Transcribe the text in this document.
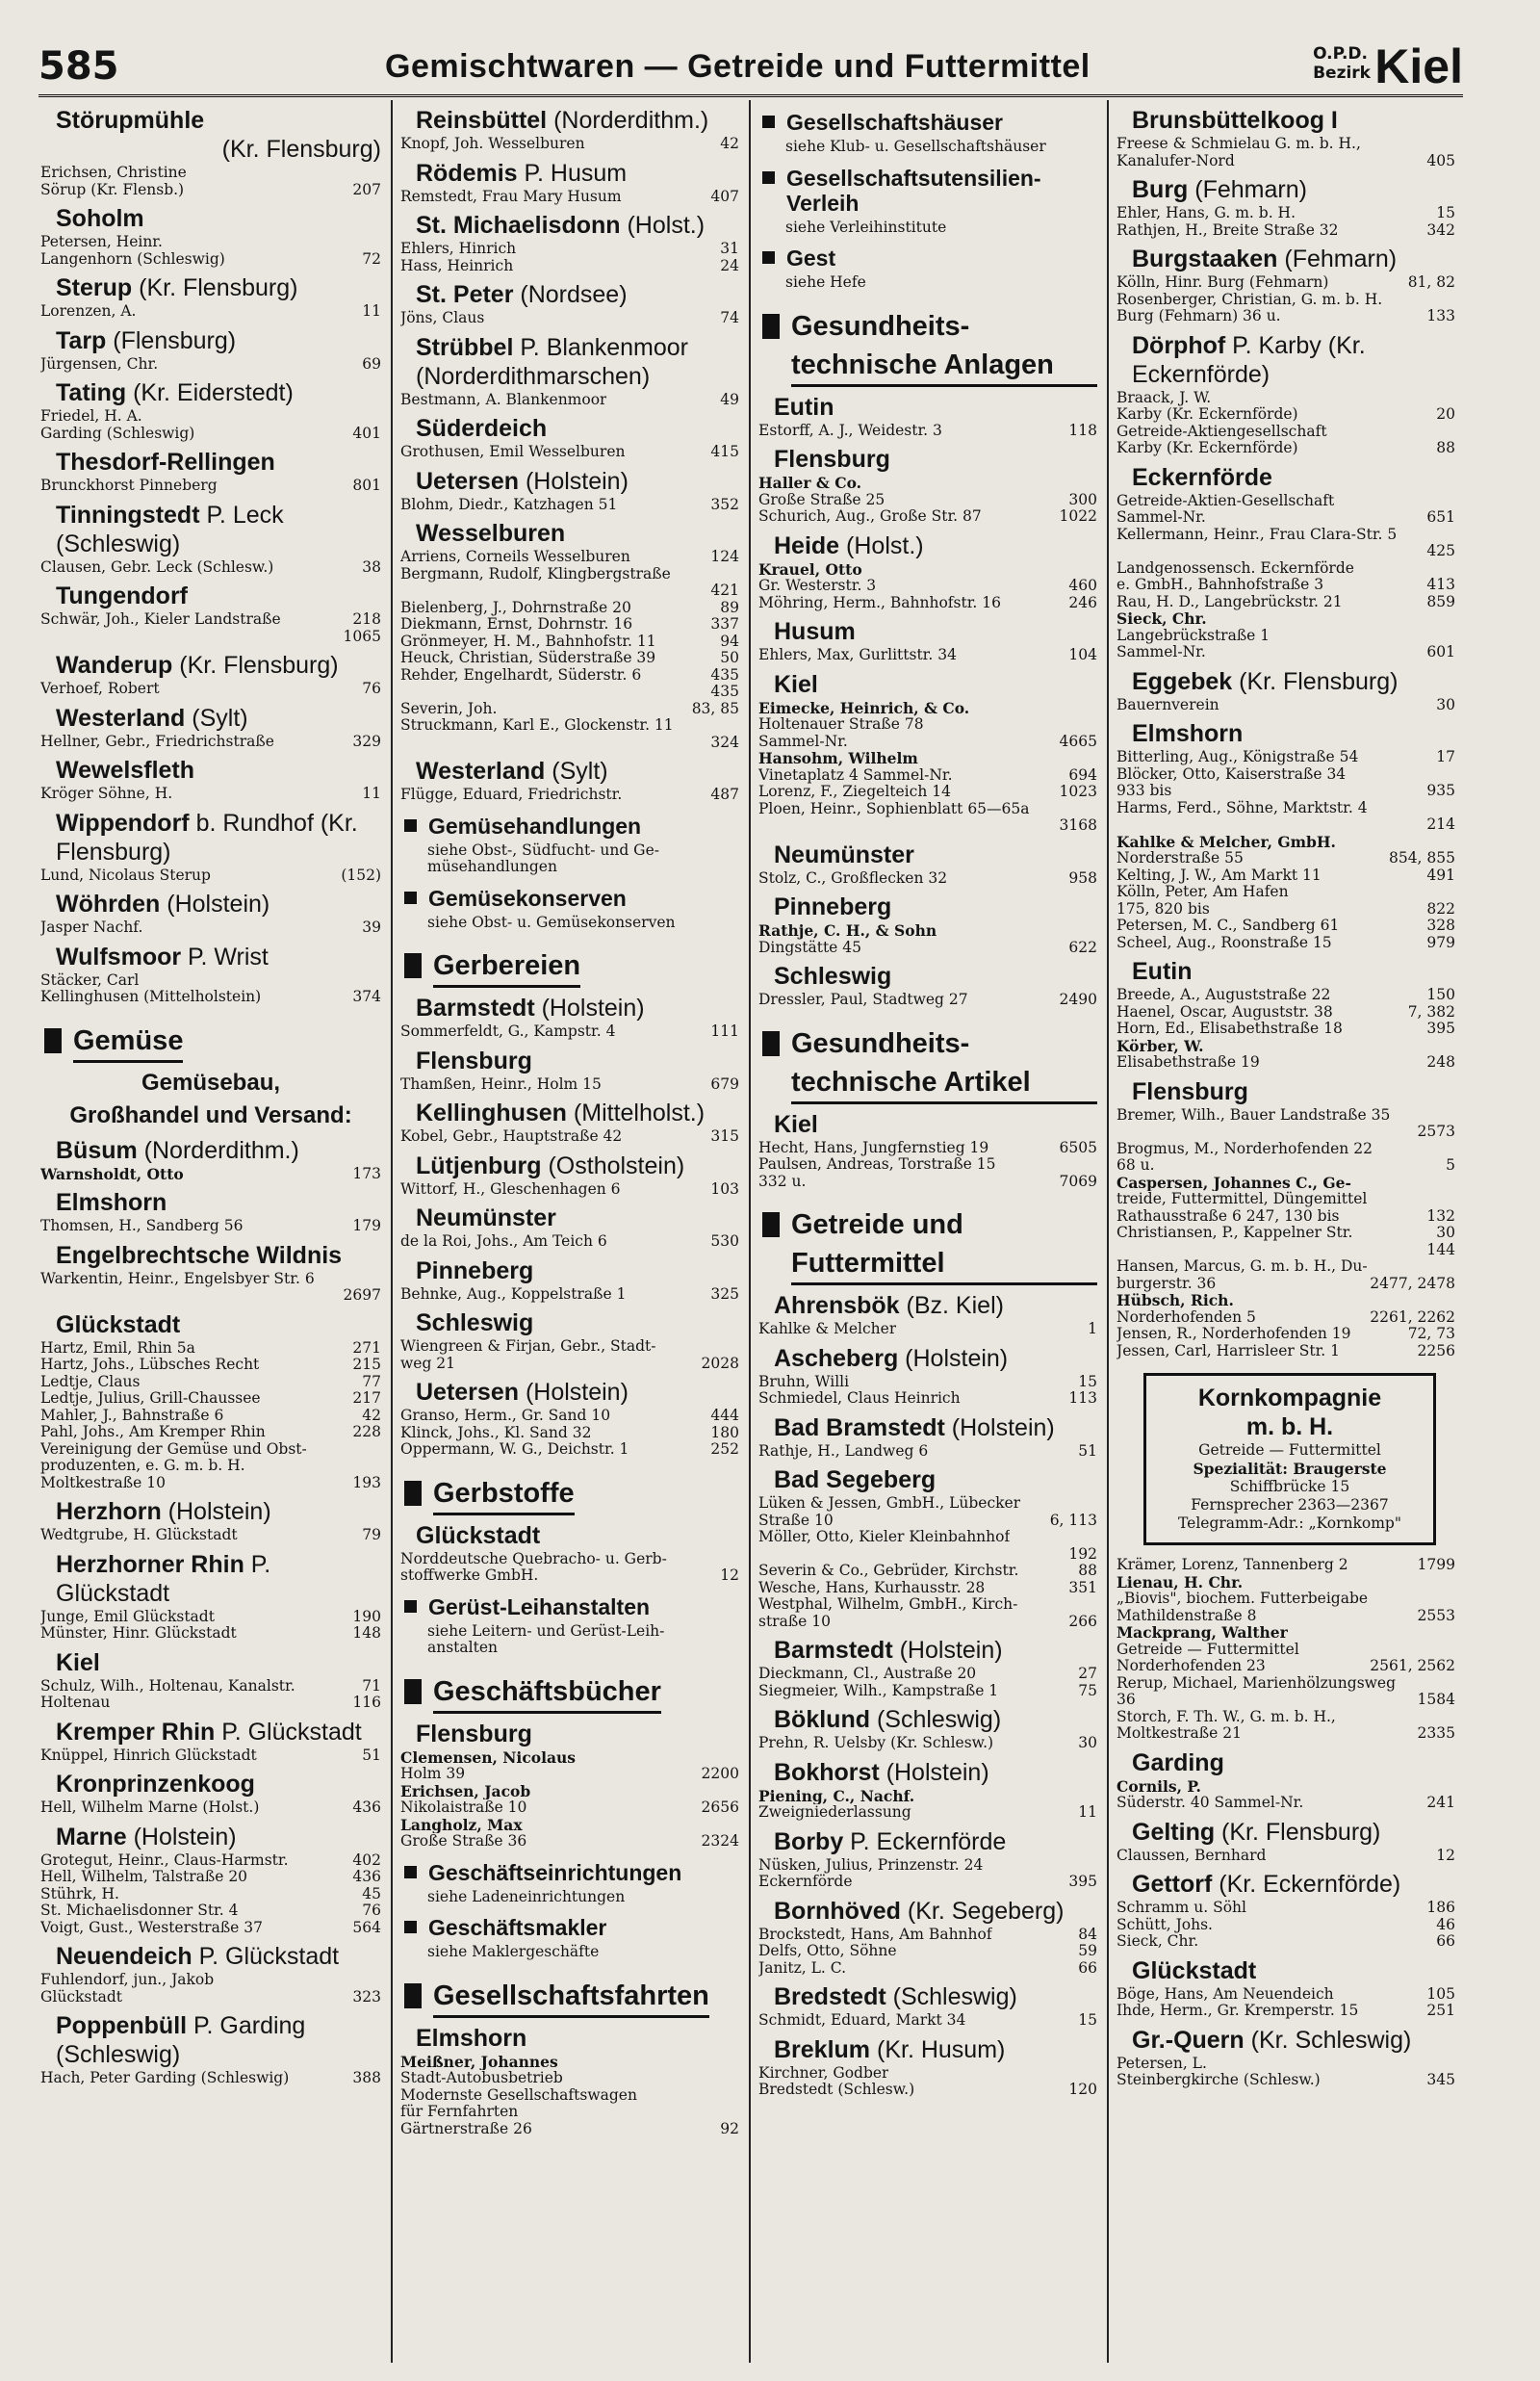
585	Gemischtwaren — Getreide und Futtermittel	O.P.D.
Bezirk Kiel
Störupmühle
(Kr. Flensburg)
Erichsen, Christine
Sörup (Kr. Flensb.)	207
Soholm
Petersen, Heinr.
Langenhorn (Schleswig)	72
Sterup (Kr. Flensburg)
Lorenzen, A.	11
Tarp (Flensburg)
Jürgensen, Chr.	69
Tating (Kr. Eiderstedt)
Friedel, H. A.
Garding (Schleswig)	401
Thesdorf-Rellingen
Brunckhorst Pinneberg	801
Tinningstedt P. Leck (Schleswig)
Clausen, Gebr. Leck (Schlesw.)	38
Tungendorf
Schwär, Joh., Kieler Landstraße	218
1065
Wanderup (Kr. Flensburg)
Verhoef, Robert	76
Westerland (Sylt)
Hellner, Gebr., Friedrichstraße	329
Wewelsfleth
Kröger Söhne, H.	11
Wippendorf b. Rundhof (Kr. Flensburg)
Lund, Nicolaus Sterup	(152)
Wöhrden (Holstein)
Jasper Nachf.	39
Wulfsmoor P. Wrist
Stäcker, Carl
Kellinghusen (Mittelholstein)	374
Gemüse
Gemüsebau,
Großhandel und Versand:
Büsum (Norderdithm.)
Warnsholdt, Otto	173
Elmshorn
Thomsen, H., Sandberg 56	179
Engelbrechtsche Wildnis
Warkentin, Heinr., Engelsbyer Str. 6
2697
Glückstadt
Hartz, Emil, Rhin 5a	271
Hartz, Johs., Lübsches Recht	215
Ledtje, Claus	77
Ledtje, Julius, Grill-Chaussee	217
Mahler, J., Bahnstraße 6	42
Pahl, Johs., Am Kremper Rhin	228
Vereinigung der Gemüse und Obst-
produzenten, e. G. m. b. H.
Moltkestraße 10	193
Herzhorn (Holstein)
Wedtgrube, H. Glückstadt	79
Herzhorner Rhin P. Glückstadt
Junge, Emil Glückstadt	190
Münster, Hinr. Glückstadt	148
Kiel
Schulz, Wilh., Holtenau, Kanalstr.	71
Holtenau	116
Kremper Rhin P. Glückstadt
Knüppel, Hinrich Glückstadt	51
Kronprinzenkoog
Hell, Wilhelm Marne (Holst.)	436
Marne (Holstein)
Grotegut, Heinr., Claus-Harmstr.	402
Hell, Wilhelm, Talstraße 20	436
Stührk, H.	45
St. Michaelisdonner Str. 4	76
Voigt, Gust., Westerstraße 37	564
Neuendeich P. Glückstadt
Fuhlendorf, jun., Jakob
Glückstadt	323
Poppenbüll P. Garding (Schleswig)
Hach, Peter Garding (Schleswig)	388
Reinsbüttel (Norderdithm.)
Knopf, Joh. Wesselburen	42
Rödemis P. Husum
Remstedt, Frau Mary Husum	407
St. Michaelisdonn (Holst.)
Ehlers, Hinrich	31
Hass, Heinrich	24
St. Peter (Nordsee)
Jöns, Claus	74
Strübbel P. Blankenmoor (Norderdithmarschen)
Bestmann, A. Blankenmoor	49
Süderdeich
Grothusen, Emil Wesselburen	415
Uetersen (Holstein)
Blohm, Diedr., Katzhagen 51	352
Wesselburen
Arriens, Corneils Wesselburen	124
Bergmann, Rudolf, Klingbergstraße
421
Bielenberg, J., Dohrnstraße 20	89
Diekmann, Ernst, Dohrnstr. 16	337
Grönmeyer, H. M., Bahnhofstr. 11	94
Heuck, Christian, Süderstraße 39	50
Rehder, Engelhardt, Süderstr. 6	435
435
Severin, Joh.	83, 85
Struckmann, Karl E., Glockenstr. 11
324
Westerland (Sylt)
Flügge, Eduard, Friedrichstr.	487
Gemüsehandlungen
siehe Obst-, Südfucht- und Ge-
müsehandlungen
Gemüsekonserven
siehe Obst- u. Gemüsekonserven
Gerbereien
Barmstedt (Holstein)
Sommerfeldt, G., Kampstr. 4	111
Flensburg
Thamßen, Heinr., Holm 15	679
Kellinghusen (Mittelholst.)
Kobel, Gebr., Hauptstraße 42	315
Lütjenburg (Ostholstein)
Wittorf, H., Gleschenhagen 6	103
Neumünster
de la Roi, Johs., Am Teich 6	530
Pinneberg
Behnke, Aug., Koppelstraße 1	325
Schleswig
Wiengreen & Firjan, Gebr., Stadt-
weg 21	2028
Uetersen (Holstein)
Granso, Herm., Gr. Sand 10	444
Klinck, Johs., Kl. Sand 32	180
Oppermann, W. G., Deichstr. 1	252
Gerbstoffe
Glückstadt
Norddeutsche Quebracho- u. Gerb-
stoffwerke GmbH.	12
Gerüst-Leihanstalten
siehe Leitern- und Gerüst-Leih-
anstalten
Geschäftsbücher
Flensburg
Clemensen, Nicolaus
Holm 39	2200
Erichsen, Jacob
Nikolaistraße 10	2656
Langholz, Max
Große Straße 36	2324
Geschäftseinrichtungen
siehe Ladeneinrichtungen
Geschäftsmakler
siehe Maklergeschäfte
Gesellschaftsfahrten
Elmshorn
Meißner, Johannes
Stadt-Autobusbetrieb
Modernste Gesellschaftswagen
für Fernfahrten
Gärtnerstraße 26	92
Gesellschaftshäuser
siehe Klub- u. Gesellschaftshäuser
Gesellschaftsutensilien-Verleih
siehe Verleihinstitute
Gest
siehe Hefe
Gesundheits-technische Anlagen
Eutin
Estorff, A. J., Weidestr. 3	118
Flensburg
Haller & Co.
Große Straße 25	300
Schurich, Aug., Große Str. 87	1022
Heide (Holst.)
Krauel, Otto
Gr. Westerstr. 3	460
Möhring, Herm., Bahnhofstr. 16	246
Husum
Ehlers, Max, Gurlittstr. 34	104
Kiel
Eimecke, Heinrich, & Co.
Holtenauer Straße 78
Sammel-Nr.	4665
Hansohm, Wilhelm
Vinetaplatz 4 Sammel-Nr.	694
Lorenz, F., Ziegelteich 14	1023
Ploen, Heinr., Sophienblatt 65—65a
3168
Neumünster
Stolz, C., Großflecken 32	958
Pinneberg
Rathje, C. H., & Sohn
Dingstätte 45	622
Schleswig
Dressler, Paul, Stadtweg 27	2490
Gesundheits-technische Artikel
Kiel
Hecht, Hans, Jungfernstieg 19	6505
Paulsen, Andreas, Torstraße 15
332 u.	7069
Getreide und Futtermittel
Ahrensbök (Bz. Kiel)
Kahlke & Melcher	1
Ascheberg (Holstein)
Bruhn, Willi	15
Schmiedel, Claus Heinrich	113
Bad Bramstedt (Holstein)
Rathje, H., Landweg 6	51
Bad Segeberg
Lüken & Jessen, GmbH., Lübecker
Straße 10	6, 113
Möller, Otto, Kieler Kleinbahnhof
192
Severin & Co., Gebrüder, Kirchstr.	88
Wesche, Hans, Kurhausstr. 28	351
Westphal, Wilhelm, GmbH., Kirch-
straße 10	266
Barmstedt (Holstein)
Dieckmann, Cl., Austraße 20	27
Siegmeier, Wilh., Kampstraße 1	75
Böklund (Schleswig)
Prehn, R. Uelsby (Kr. Schlesw.)	30
Bokhorst (Holstein)
Piening, C., Nachf.
Zweigniederlassung	11
Borby P. Eckernförde
Nüsken, Julius, Prinzenstr. 24
Eckernförde	395
Bornhöved (Kr. Segeberg)
Brockstedt, Hans, Am Bahnhof	84
Delfs, Otto, Söhne	59
Janitz, L. C.	66
Bredstedt (Schleswig)
Schmidt, Eduard, Markt 34	15
Breklum (Kr. Husum)
Kirchner, Godber
Bredstedt (Schlesw.)	120
Brunsbüttelkoog I
Freese & Schmielau G. m. b. H.,
Kanalufer-Nord	405
Burg (Fehmarn)
Ehler, Hans, G. m. b. H.	15
Rathjen, H., Breite Straße 32	342
Burgstaaken (Fehmarn)
Kölln, Hinr. Burg (Fehmarn)	81, 82
Rosenberger, Christian, G. m. b. H.
Burg (Fehmarn) 36 u.	133
Dörphof P. Karby (Kr. Eckernförde)
Braack, J. W.
Karby (Kr. Eckernförde)	20
Getreide-Aktiengesellschaft
Karby (Kr. Eckernförde)	88
Eckernförde
Getreide-Aktien-Gesellschaft
Sammel-Nr.	651
Kellermann, Heinr., Frau Clara-Str. 5
425
Landgenossensch. Eckernförde
e. GmbH., Bahnhofstraße 3	413
Rau, H. D., Langebrückstr. 21	859
Sieck, Chr.
Langebrückstraße 1
Sammel-Nr.	601
Eggebek (Kr. Flensburg)
Bauernverein	30
Elmshorn
Bitterling, Aug., Königstraße 54	17
Blöcker, Otto, Kaiserstraße 34
933 bis	935
Harms, Ferd., Söhne, Marktstr. 4
214
Kahlke & Melcher, GmbH.
Norderstraße 55	854, 855
Kelting, J. W., Am Markt 11	491
Kölln, Peter, Am Hafen
175, 820 bis	822
Petersen, M. C., Sandberg 61	328
Scheel, Aug., Roonstraße 15	979
Eutin
Breede, A., Auguststraße 22	150
Haenel, Oscar, Auguststr. 38	7, 382
Horn, Ed., Elisabethstraße 18	395
Körber, W.
Elisabethstraße 19	248
Flensburg
Bremer, Wilh., Bauer Landstraße 35
2573
Brogmus, M., Norderhofenden 22
68 u.	5
Caspersen, Johannes C., Ge-
treide, Futtermittel, Düngemittel
Rathausstraße 6 247, 130 bis	132
Christiansen, P., Kappelner Str.	30
144
Hansen, Marcus, G. m. b. H., Du-
burgerstr. 36	2477, 2478
Hübsch, Rich.
Norderhofenden 5	2261, 2262
Jensen, R., Norderhofenden 19	72, 73
Jessen, Carl, Harrisleer Str. 1	2256
Kornkompagnie
m. b. H.
Getreide — Futtermittel
Spezialität: Braugerste
Schiffbrücke 15
Fernsprecher 2363—2367
Telegramm-Adr.: „Kornkomp"
Krämer, Lorenz, Tannenberg 2	1799
Lienau, H. Chr.
„Biovis", biochem. Futterbeigabe
Mathildenstraße 8	2553
Mackprang, Walther
Getreide — Futtermittel
Norderhofenden 23	2561, 2562
Rerup, Michael, Marienhölzungsweg
36	1584
Storch, F. Th. W., G. m. b. H.,
Moltkestraße 21	2335
Garding
Cornils, P.
Süderstr. 40 Sammel-Nr.	241
Gelting (Kr. Flensburg)
Claussen, Bernhard	12
Gettorf (Kr. Eckernförde)
Schramm u. Söhl	186
Schütt, Johs.	46
Sieck, Chr.	66
Glückstadt
Böge, Hans, Am Neuendeich	105
Ihde, Herm., Gr. Kremperstr. 15	251
Gr.-Quern (Kr. Schleswig)
Petersen, L.
Steinbergkirche (Schlesw.)	345
